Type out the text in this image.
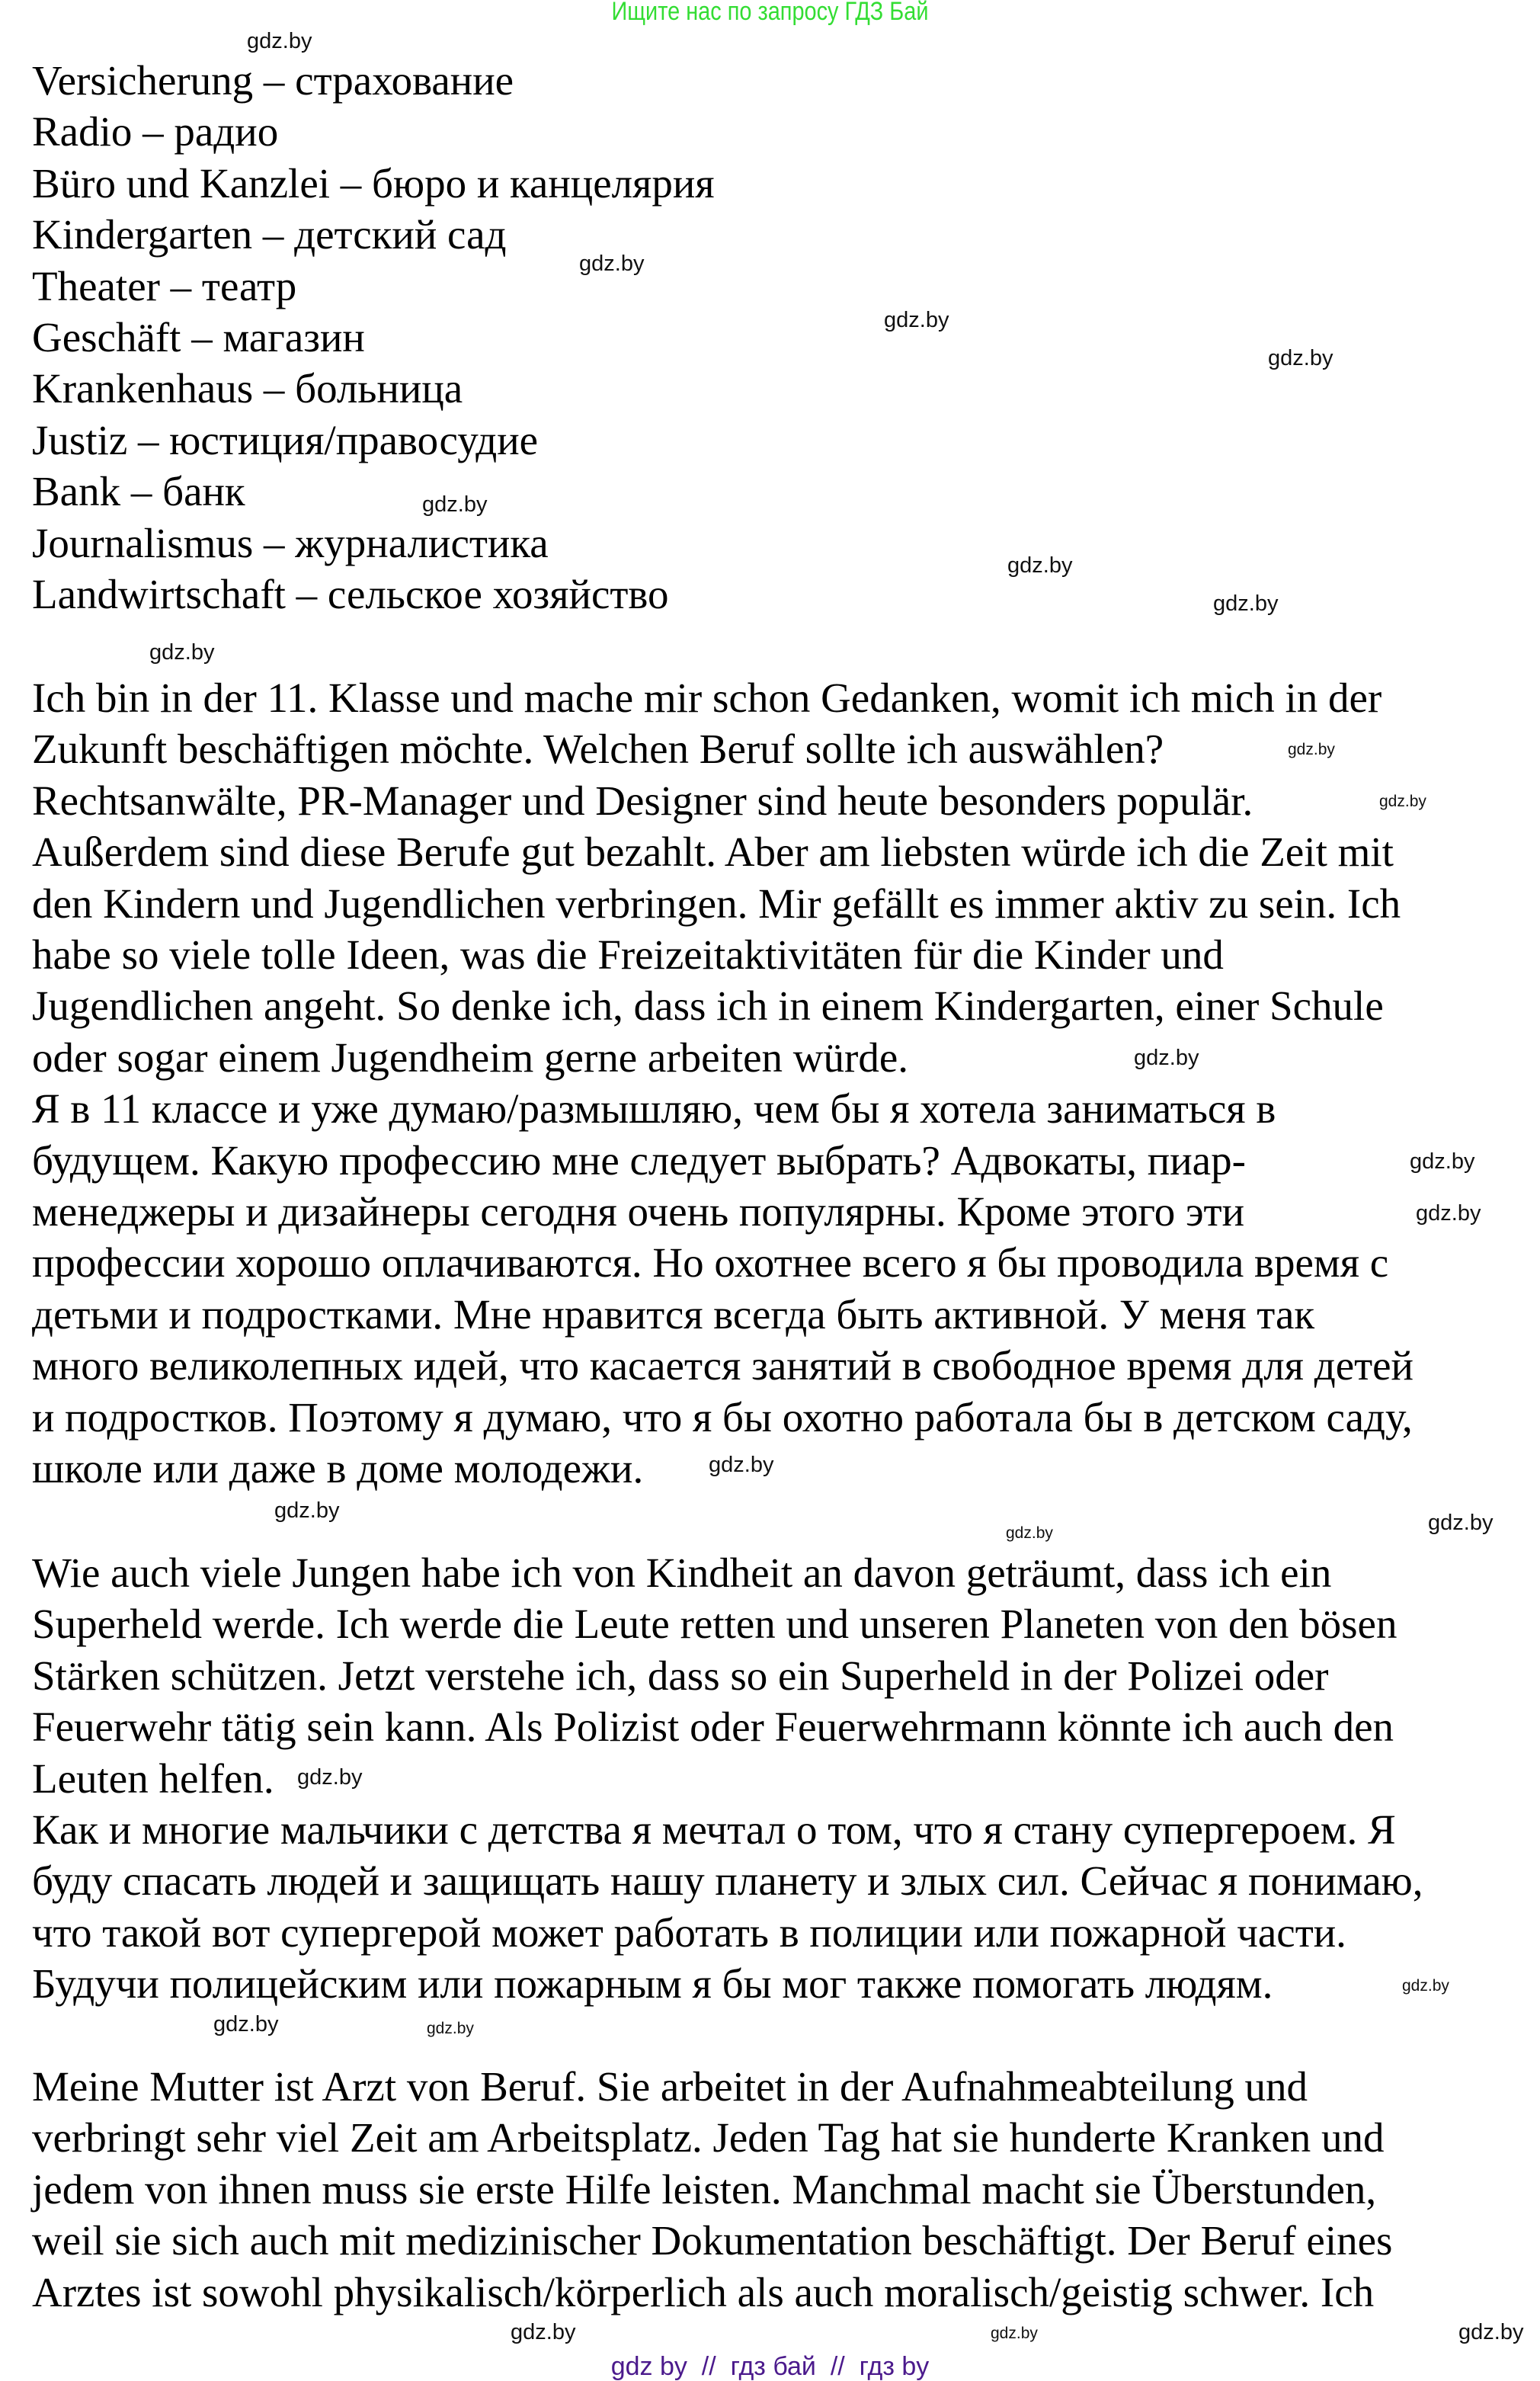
Ищите нас по запросу ГДЗ Бай
Versicherung – страхование
Radio – радио
Büro und Kanzlei – бюро и канцелярия
Kindergarten – детский сад
Theater – театр
Geschäft – магазин
Krankenhaus – больница
Justiz – юстиция/правосудие
Bank – банк
Journalismus – журналистика
Landwirtschaft – сельское хозяйство
Ich bin in der 11. Klasse und mache mir schon Gedanken, womit ich mich in der
Zukunft beschäftigen möchte. Welchen Beruf sollte ich auswählen?
Rechtsanwälte, PR-Manager und Designer sind heute besonders populär.
Außerdem sind diese Berufe gut bezahlt. Aber am liebsten würde ich die Zeit mit
den Kindern und Jugendlichen verbringen. Mir gefällt es immer aktiv zu sein. Ich
habe so viele tolle Ideen, was die Freizeitaktivitäten für die Kinder und
Jugendlichen angeht. So denke ich, dass ich in einem Kindergarten, einer Schule
oder sogar einem Jugendheim gerne arbeiten würde.
Я в 11 классе и уже думаю/размышляю, чем бы я хотела заниматься в
будущем. Какую профессию мне следует выбрать? Адвокаты, пиар-
менеджеры и дизайнеры сегодня очень популярны. Кроме этого эти
профессии хорошо оплачиваются. Но охотнее всего я бы проводила время с
детьми и подростками. Мне нравится всегда быть активной. У меня так
много великолепных идей, что касается занятий в свободное время для детей
и подростков. Поэтому я думаю, что я бы охотно работала бы в детском саду,
школе или даже в доме молодежи.
Wie auch viele Jungen habe ich von Kindheit an davon geträumt, dass ich ein
Superheld werde. Ich werde die Leute retten und unseren Planeten von den bösen
Stärken schützen. Jetzt verstehe ich, dass so ein Superheld in der Polizei oder
Feuerwehr tätig sein kann. Als Polizist oder Feuerwehrmann könnte ich auch den
Leuten helfen.
Как и многие мальчики с детства я мечтал о том, что я стану супергероем. Я
буду спасать людей и защищать нашу планету и злых сил. Сейчас я понимаю,
что такой вот супергерой может работать в полиции или пожарной части.
Будучи полицейским или пожарным я бы мог также помогать людям.
Meine Mutter ist Arzt von Beruf. Sie arbeitet in der Aufnahmeabteilung und
verbringt sehr viel Zeit am Arbeitsplatz. Jeden Tag hat sie hunderte Kranken und
jedem von ihnen muss sie erste Hilfe leisten. Manchmal macht sie Überstunden,
weil sie sich auch mit medizinischer Dokumentation beschäftigt. Der Beruf eines
Arztes ist sowohl physikalisch/körperlich als auch moralisch/geistig schwer. Ich
gdz.by
gdz.by
gdz.by
gdz.by
gdz.by
gdz.by
gdz.by
gdz.by
gdz.by
gdz.by
gdz.by
gdz.by
gdz.by
gdz.by
gdz.by
gdz.by	gdz.by
gdz.by
gdz.by
gdz.by
gdz.by
gdz.by
gdz.by
gdz.by
gdz by  //  гдз бай  //  гдз by
